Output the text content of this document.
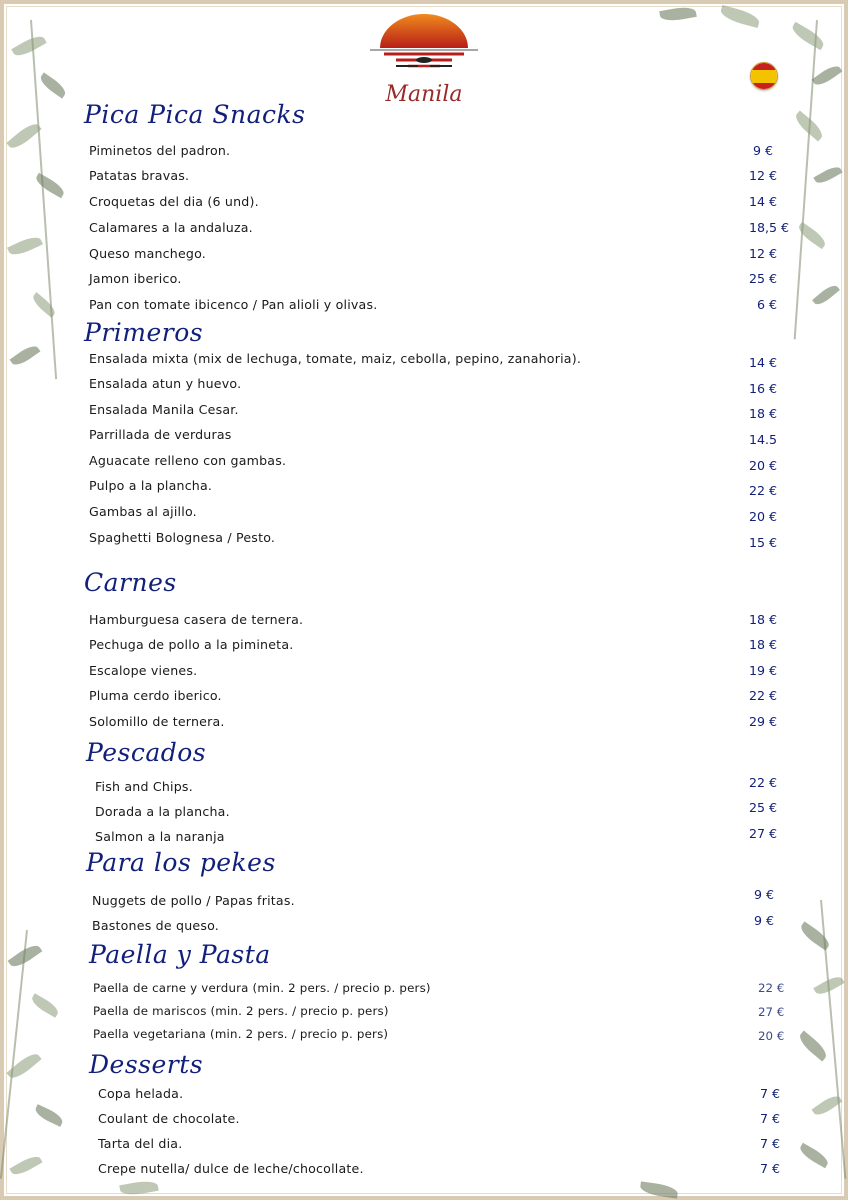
Manila
Pica Pica Snacks
Piminetos del padron.	9 €
Patatas bravas.	12 €
Croquetas del dia (6 und).	14 €
Calamares a la andaluza.	18,5 €
Queso manchego.	12 €
Jamon iberico.	25 €
Pan con tomate ibicenco / Pan alioli y olivas.	6 €
Primeros
Ensalada mixta (mix de lechuga, tomate, maiz, cebolla, pepino, zanahoria).	14 €
Ensalada atun y huevo.	16 €
Ensalada Manila Cesar.	18 €
Parrillada de verduras	14.5
Aguacate relleno con gambas.	20 €
Pulpo a la plancha.	22 €
Gambas al ajillo.	20 €
Spaghetti Bolognesa / Pesto.	15 €
Carnes
Hamburguesa casera de ternera.	18 €
Pechuga de pollo a la pimineta.	18 €
Escalope vienes.	19 €
Pluma cerdo iberico.	22 €
Solomillo de ternera.	29 €
Pescados
Fish and Chips.	22 €
Dorada a la plancha.	25 €
Salmon a la naranja	27 €
Para los pekes
Nuggets de pollo / Papas fritas.	9 €
Bastones de queso.	9 €
Paella y Pasta
Paella de carne y verdura (min. 2 pers. / precio p. pers)	22 €
Paella de mariscos (min. 2 pers. / precio p. pers)	27 €
Paella vegetariana (min. 2 pers. / precio p. pers)	20 €
Desserts
Copa helada.	7 €
Coulant de chocolate.	7 €
Tarta del dia.	7 €
Crepe nutella/ dulce de leche/chocollate.	7 €
